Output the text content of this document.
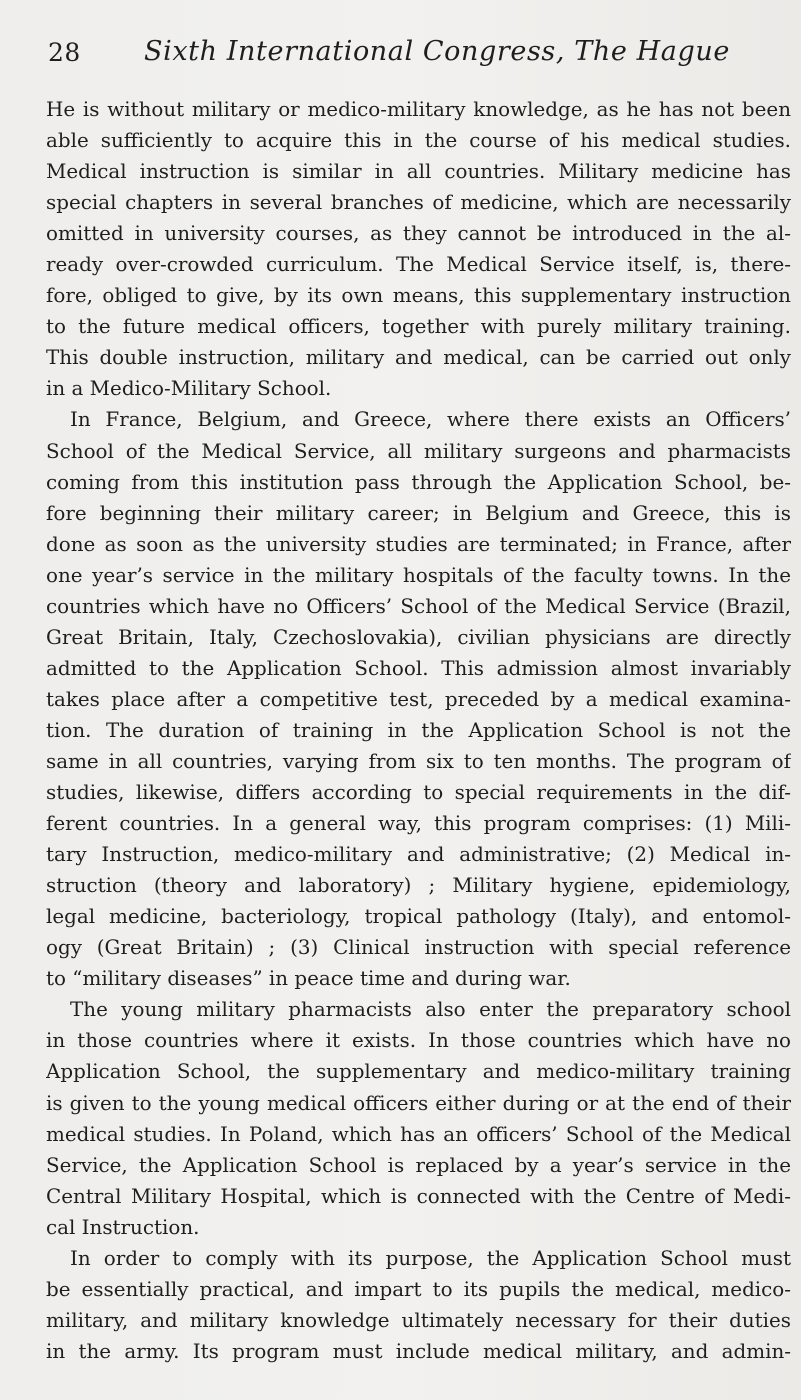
28 Sixth International Congress, The Hague
He is without military or medico-military knowledge, as he has not been
able sufficiently to acquire this in the course of his medical studies.
Medical instruction is similar in all countries. Military medicine has
special chapters in several branches of medicine, which are necessarily
omitted in university courses, as they cannot be introduced in the al-
ready over-crowded curriculum. The Medical Service itself, is, there-
fore, obliged to give, by its own means, this supplementary instruction
to the future medical officers, together with purely military training.
This double instruction, military and medical, can be carried out only
in a Medico-Military School.
In France, Belgium, and Greece, where there exists an Officers’
School of the Medical Service, all military surgeons and pharmacists
coming from this institution pass through the Application School, be-
fore beginning their military career; in Belgium and Greece, this is
done as soon as the university studies are terminated; in France, after
one year’s service in the military hospitals of the faculty towns. In the
countries which have no Officers’ School of the Medical Service (Brazil,
Great Britain, Italy, Czechoslovakia), civilian physicians are directly
admitted to the Application School. This admission almost invariably
takes place after a competitive test, preceded by a medical examina-
tion. The duration of training in the Application School is not the
same in all countries, varying from six to ten months. The program of
studies, likewise, differs according to special requirements in the dif-
ferent countries. In a general way, this program comprises: (1) Mili-
tary Instruction, medico-military and administrative; (2) Medical in-
struction (theory and laboratory) ; Military hygiene, epidemiology,
legal medicine, bacteriology, tropical pathology (Italy), and entomol-
ogy (Great Britain) ; (3) Clinical instruction with special reference
to “military diseases” in peace time and during war.
The young military pharmacists also enter the preparatory school
in those countries where it exists. In those countries which have no
Application School, the supplementary and medico-military training
is given to the young medical officers either during or at the end of their
medical studies. In Poland, which has an officers’ School of the Medical
Service, the Application School is replaced by a year’s service in the
Central Military Hospital, which is connected with the Centre of Medi-
cal Instruction.
In order to comply with its purpose, the Application School must
be essentially practical, and impart to its pupils the medical, medico-
military, and military knowledge ultimately necessary for their duties
in the army. Its program must include medical military, and admin-
